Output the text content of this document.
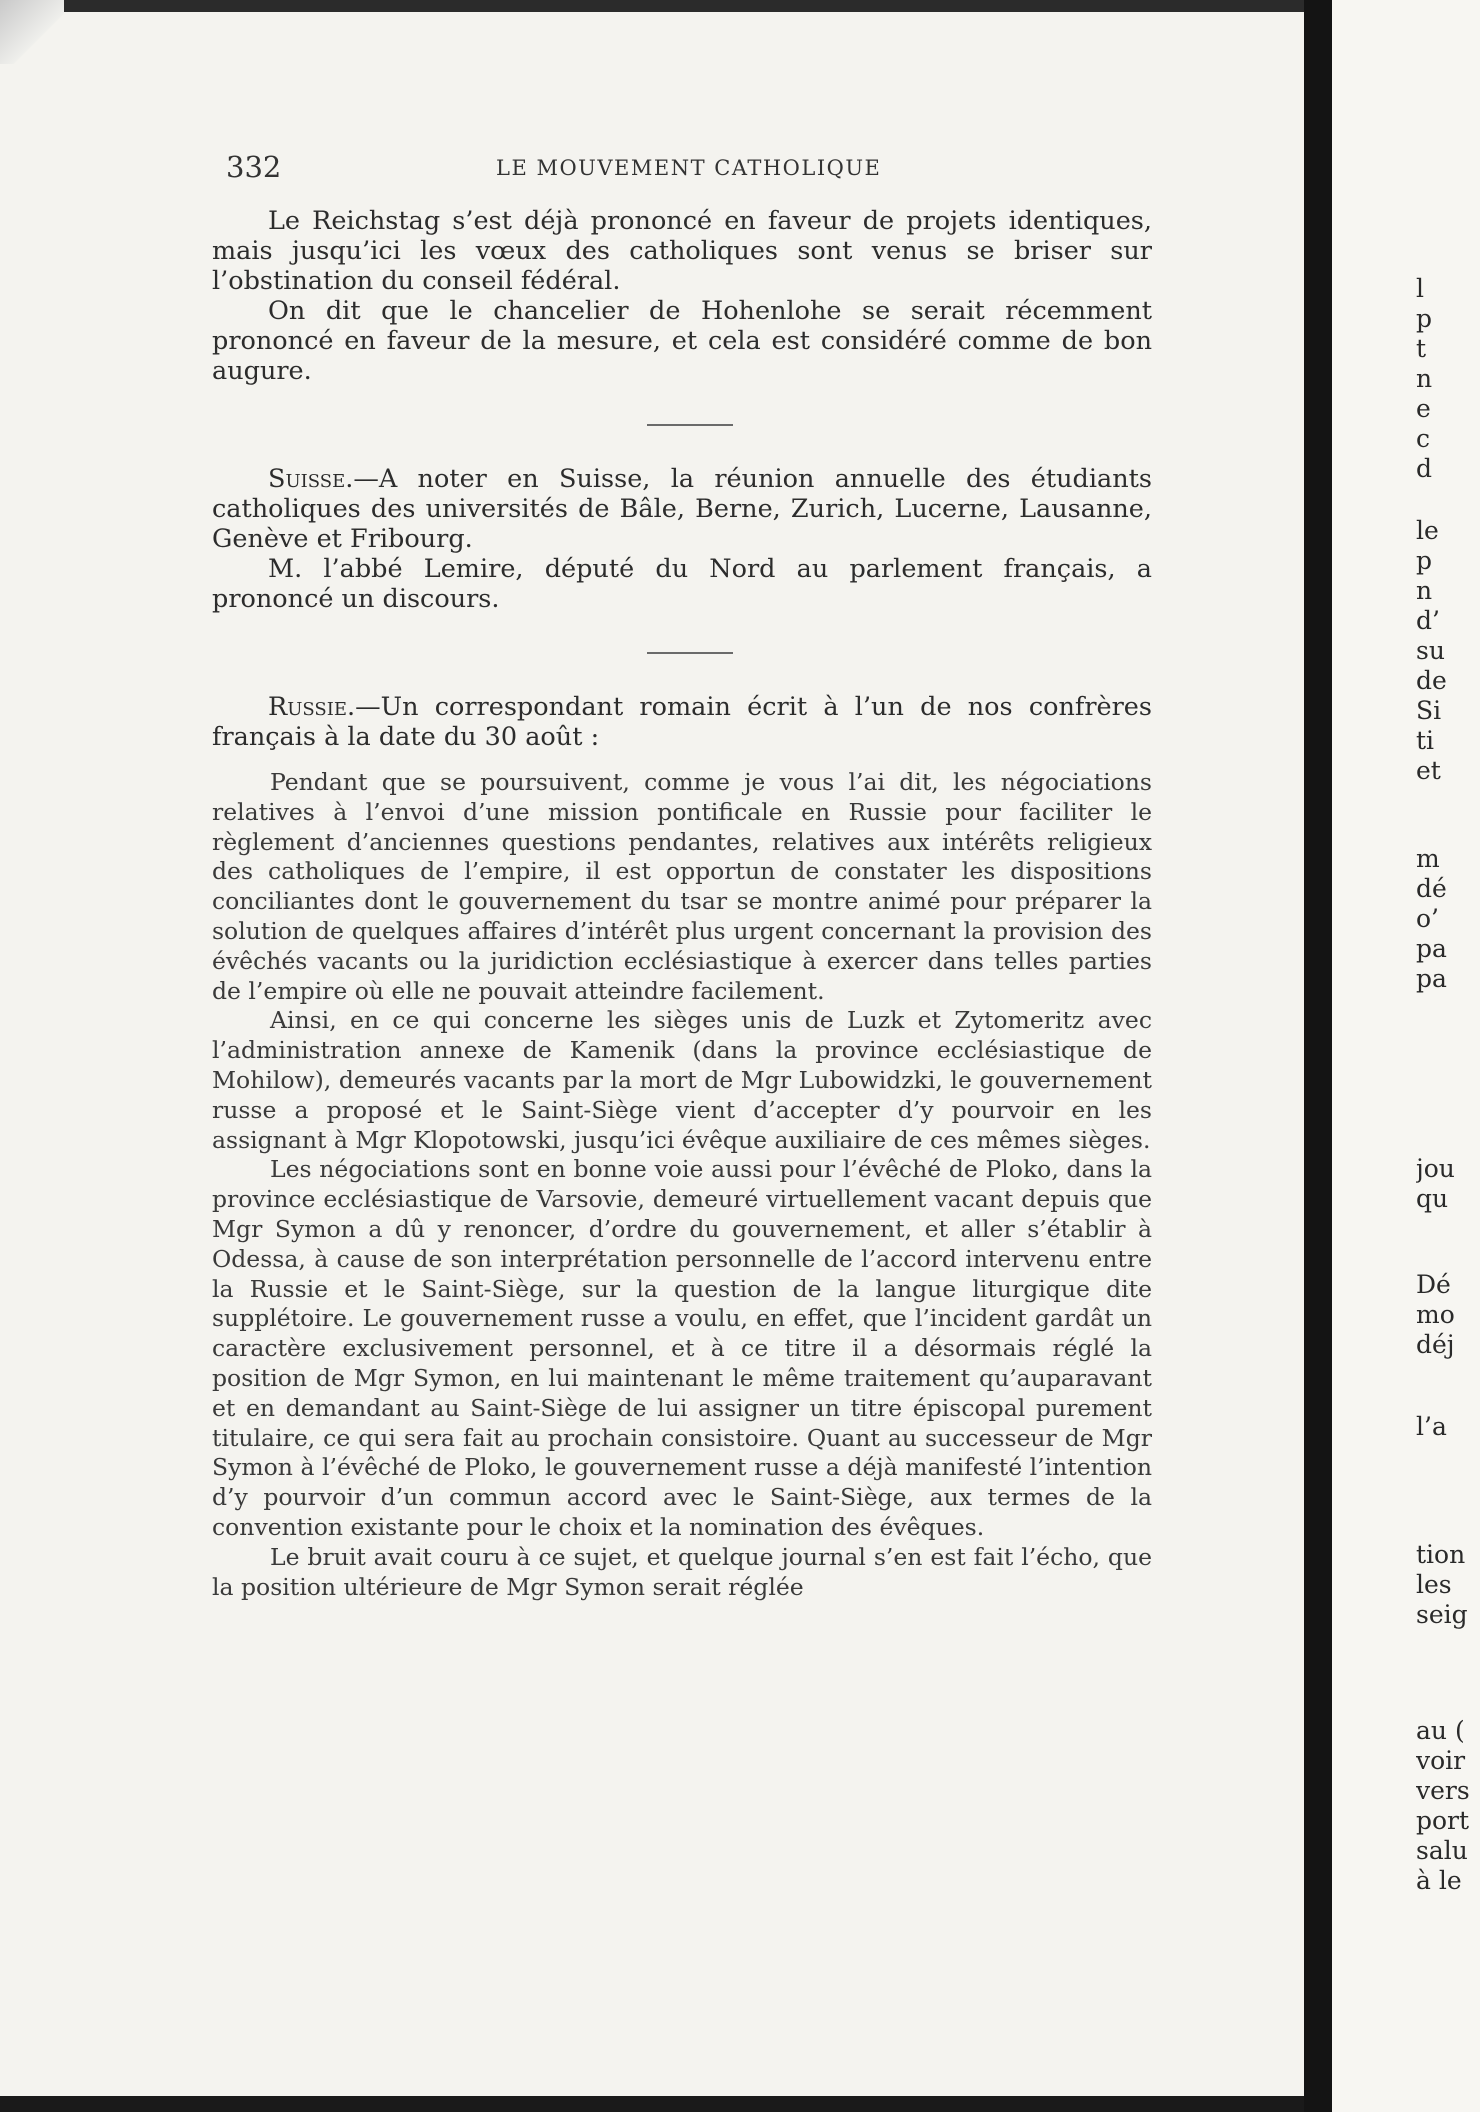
332	LE MOUVEMENT CATHOLIQUE

Le Reichstag s’est déjà prononcé en faveur de projets identiques, mais jusqu’ici les vœux des catholiques sont venus se briser sur l’obstination du conseil fédéral.

On dit que le chancelier de Hohenlohe se serait récemment prononcé en faveur de la mesure, et cela est considéré comme de bon augure.

Suisse.—A noter en Suisse, la réunion annuelle des étudiants catholiques des universités de Bâle, Berne, Zurich, Lucerne, Lausanne, Genève et Fribourg.

M. l’abbé Lemire, député du Nord au parlement français, a prononcé un discours.

Russie.—Un correspondant romain écrit à l’un de nos confrères français à la date du 30 août :

Pendant que se poursuivent, comme je vous l’ai dit, les négociations relatives à l’envoi d’une mission pontificale en Russie pour faciliter le règlement d’anciennes questions pendantes, relatives aux intérêts religieux des catholiques de l’empire, il est opportun de constater les dispositions conciliantes dont le gouvernement du tsar se montre animé pour préparer la solution de quelques affaires d’intérêt plus urgent concernant la provision des évêchés vacants ou la juridiction ecclésiastique à exercer dans telles parties de l’empire où elle ne pouvait atteindre facilement.

Ainsi, en ce qui concerne les sièges unis de Luzk et Zytomeritz avec l’administration annexe de Kamenik (dans la province ecclésiastique de Mohilow), demeurés vacants par la mort de Mgr Lubowidzki, le gouvernement russe a proposé et le Saint-Siège vient d’accepter d’y pourvoir en les assignant à Mgr Klopotowski, jusqu’ici évêque auxiliaire de ces mêmes sièges.

Les négociations sont en bonne voie aussi pour l’évêché de Ploko, dans la province ecclésiastique de Varsovie, demeuré virtuellement vacant depuis que Mgr Symon a dû y renoncer, d’ordre du gouvernement, et aller s’établir à Odessa, à cause de son interprétation personnelle de l’accord intervenu entre la Russie et le Saint-Siège, sur la question de la langue liturgique dite supplétoire. Le gouvernement russe a voulu, en effet, que l’incident gardât un caractère exclusivement personnel, et à ce titre il a désormais réglé la position de Mgr Symon, en lui maintenant le même traitement qu’auparavant et en demandant au Saint-Siège de lui assigner un titre épiscopal purement titulaire, ce qui sera fait au prochain consistoire. Quant au successeur de Mgr Symon à l’évêché de Ploko, le gouvernement russe a déjà manifesté l’intention d’y pourvoir d’un commun accord avec le Saint-Siège, aux termes de la convention existante pour le choix et la nomination des évêques.

Le bruit avait couru à ce sujet, et quelque journal s’en est fait l’écho, que la position ultérieure de Mgr Symon serait réglée

l
p
t
n
e
c
d
le
p
n
d’
su
de
Si
ti
et
m
dé
o’
pa
pa
jou
qu
Dé
mo
déj
l’a
tion
les
seig
au (
voir
vers
port
salu
à le
